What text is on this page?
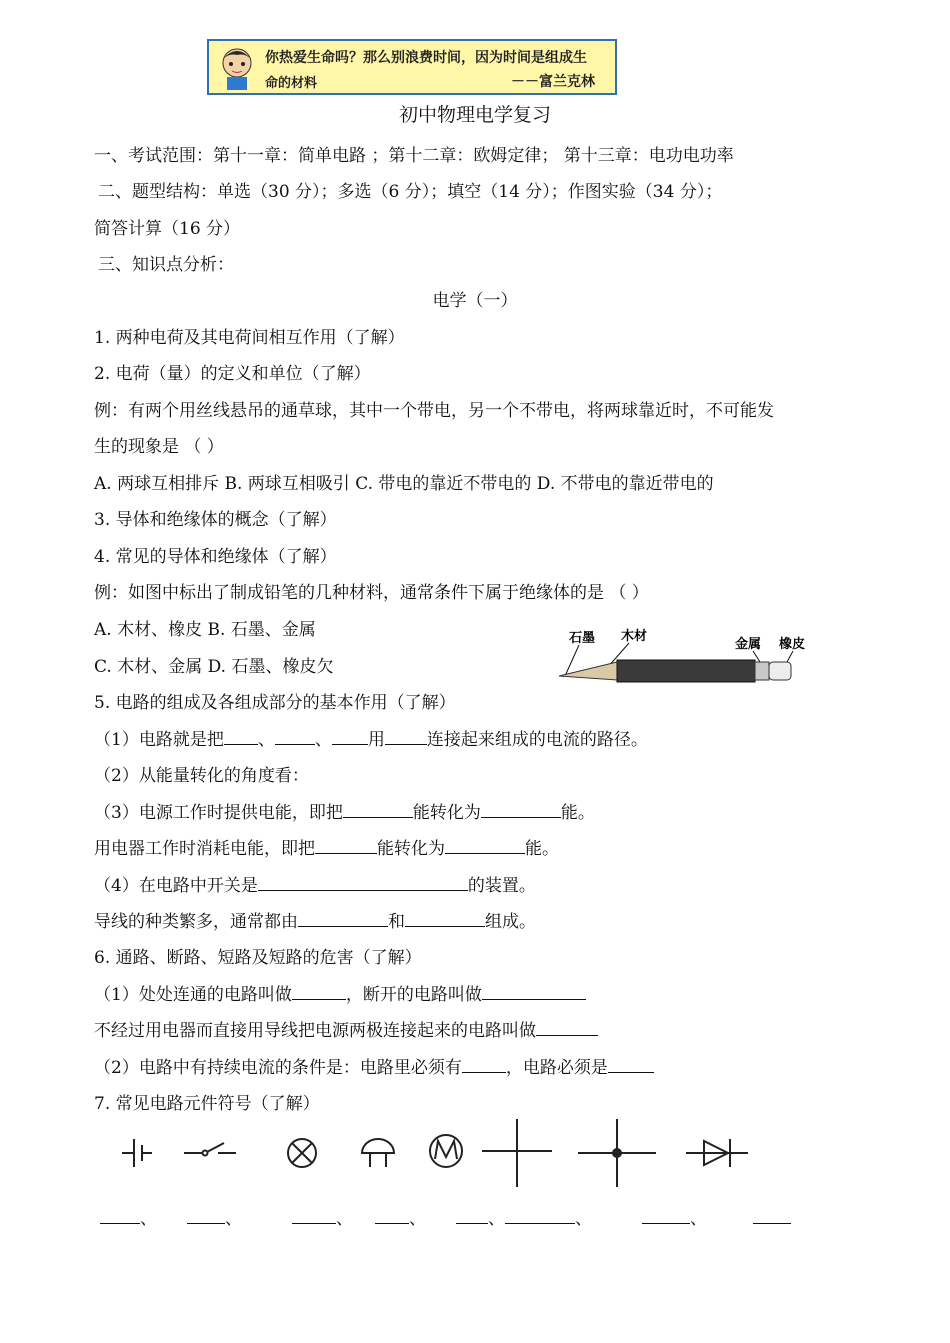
你热爱生命吗？那么别浪费时间，因为时间是组成生
命的材料	－－富兰克林
初中物理电学复习
一、考试范围：第十一章：简单电路 ；第十二章：欧姆定律； 第十三章：电功电功率
二、题型结构：单选（30 分）；多选（6 分）；填空（14 分）；作图实验（34 分）；
简答计算（16 分）
三、知识点分析：
电学（一）
1. 两种电荷及其电荷间相互作用（了解）
2. 电荷（量）的定义和单位（了解）
例：有两个用丝线悬吊的通草球，其中一个带电，另一个不带电，将两球靠近时，不可能发
生的现象是 （ ）
A. 两球互相排斥 B. 两球互相吸引 C. 带电的靠近不带电的 D. 不带电的靠近带电的
3. 导体和绝缘体的概念（了解）
4. 常见的导体和绝缘体（了解）
例：如图中标出了制成铅笔的几种材料，通常条件下属于绝缘体的是 （ ）
A. 木材、橡皮 B. 石墨、金属
C. 木材、金属 D. 石墨、橡皮欠
石墨 木材
金属 橡皮
5. 电路的组成及各组成部分的基本作用（了解）
（1）电路就是把 、 、 用 连接起来组成的电流的路径。
（2）从能量转化的角度看：
（3）电源工作时提供电能，即把	能转化为	能。
用电器工作时消耗电能，即把	能转化为	能。
（4）在电路中开关是	的装置。
导线的种类繁多，通常都由	和	组成。
6. 通路、断路、短路及短路的危害（了解）
（1）处处连通的电路叫做	，断开的电路叫做
不经过用电器而直接用导线把电源两极连接起来的电路叫做
（2）电路中有持续电流的条件是：电路里必须有	，电路必须是
7. 常见电路元件符号（了解）
、	、	、	、	、	、	、
